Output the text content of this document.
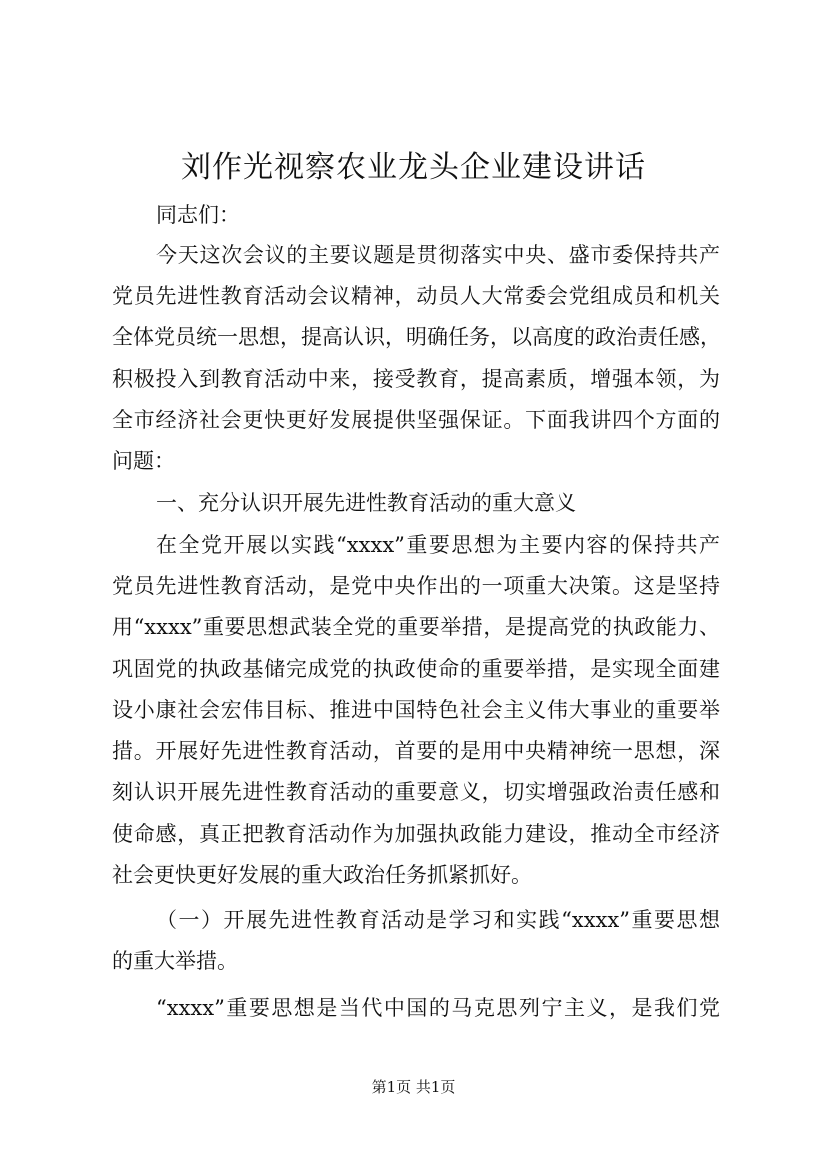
刘作光视察农业龙头企业建设讲话
同志们：
今天这次会议的主要议题是贯彻落实中央、盛市委保持共产
党员先进性教育活动会议精神，动员人大常委会党组成员和机关
全体党员统一思想，提高认识，明确任务，以高度的政治责任感，
积极投入到教育活动中来，接受教育，提高素质，增强本领，为
全市经济社会更快更好发展提供坚强保证。下面我讲四个方面的
问题：
一、充分认识开展先进性教育活动的重大意义
在全党开展以实践“xxxx”重要思想为主要内容的保持共产
党员先进性教育活动，是党中央作出的一项重大决策。这是坚持
用“xxxx”重要思想武装全党的重要举措，是提高党的执政能力、
巩固党的执政基储完成党的执政使命的重要举措，是实现全面建
设小康社会宏伟目标、推进中国特色社会主义伟大事业的重要举
措。开展好先进性教育活动，首要的是用中央精神统一思想，深
刻认识开展先进性教育活动的重要意义，切实增强政治责任感和
使命感，真正把教育活动作为加强执政能力建设，推动全市经济
社会更快更好发展的重大政治任务抓紧抓好。
（一）开展先进性教育活动是学习和实践“xxxx”重要思想
的重大举措。
“xxxx”重要思想是当代中国的马克思列宁主义，是我们党
第1页 共1页
